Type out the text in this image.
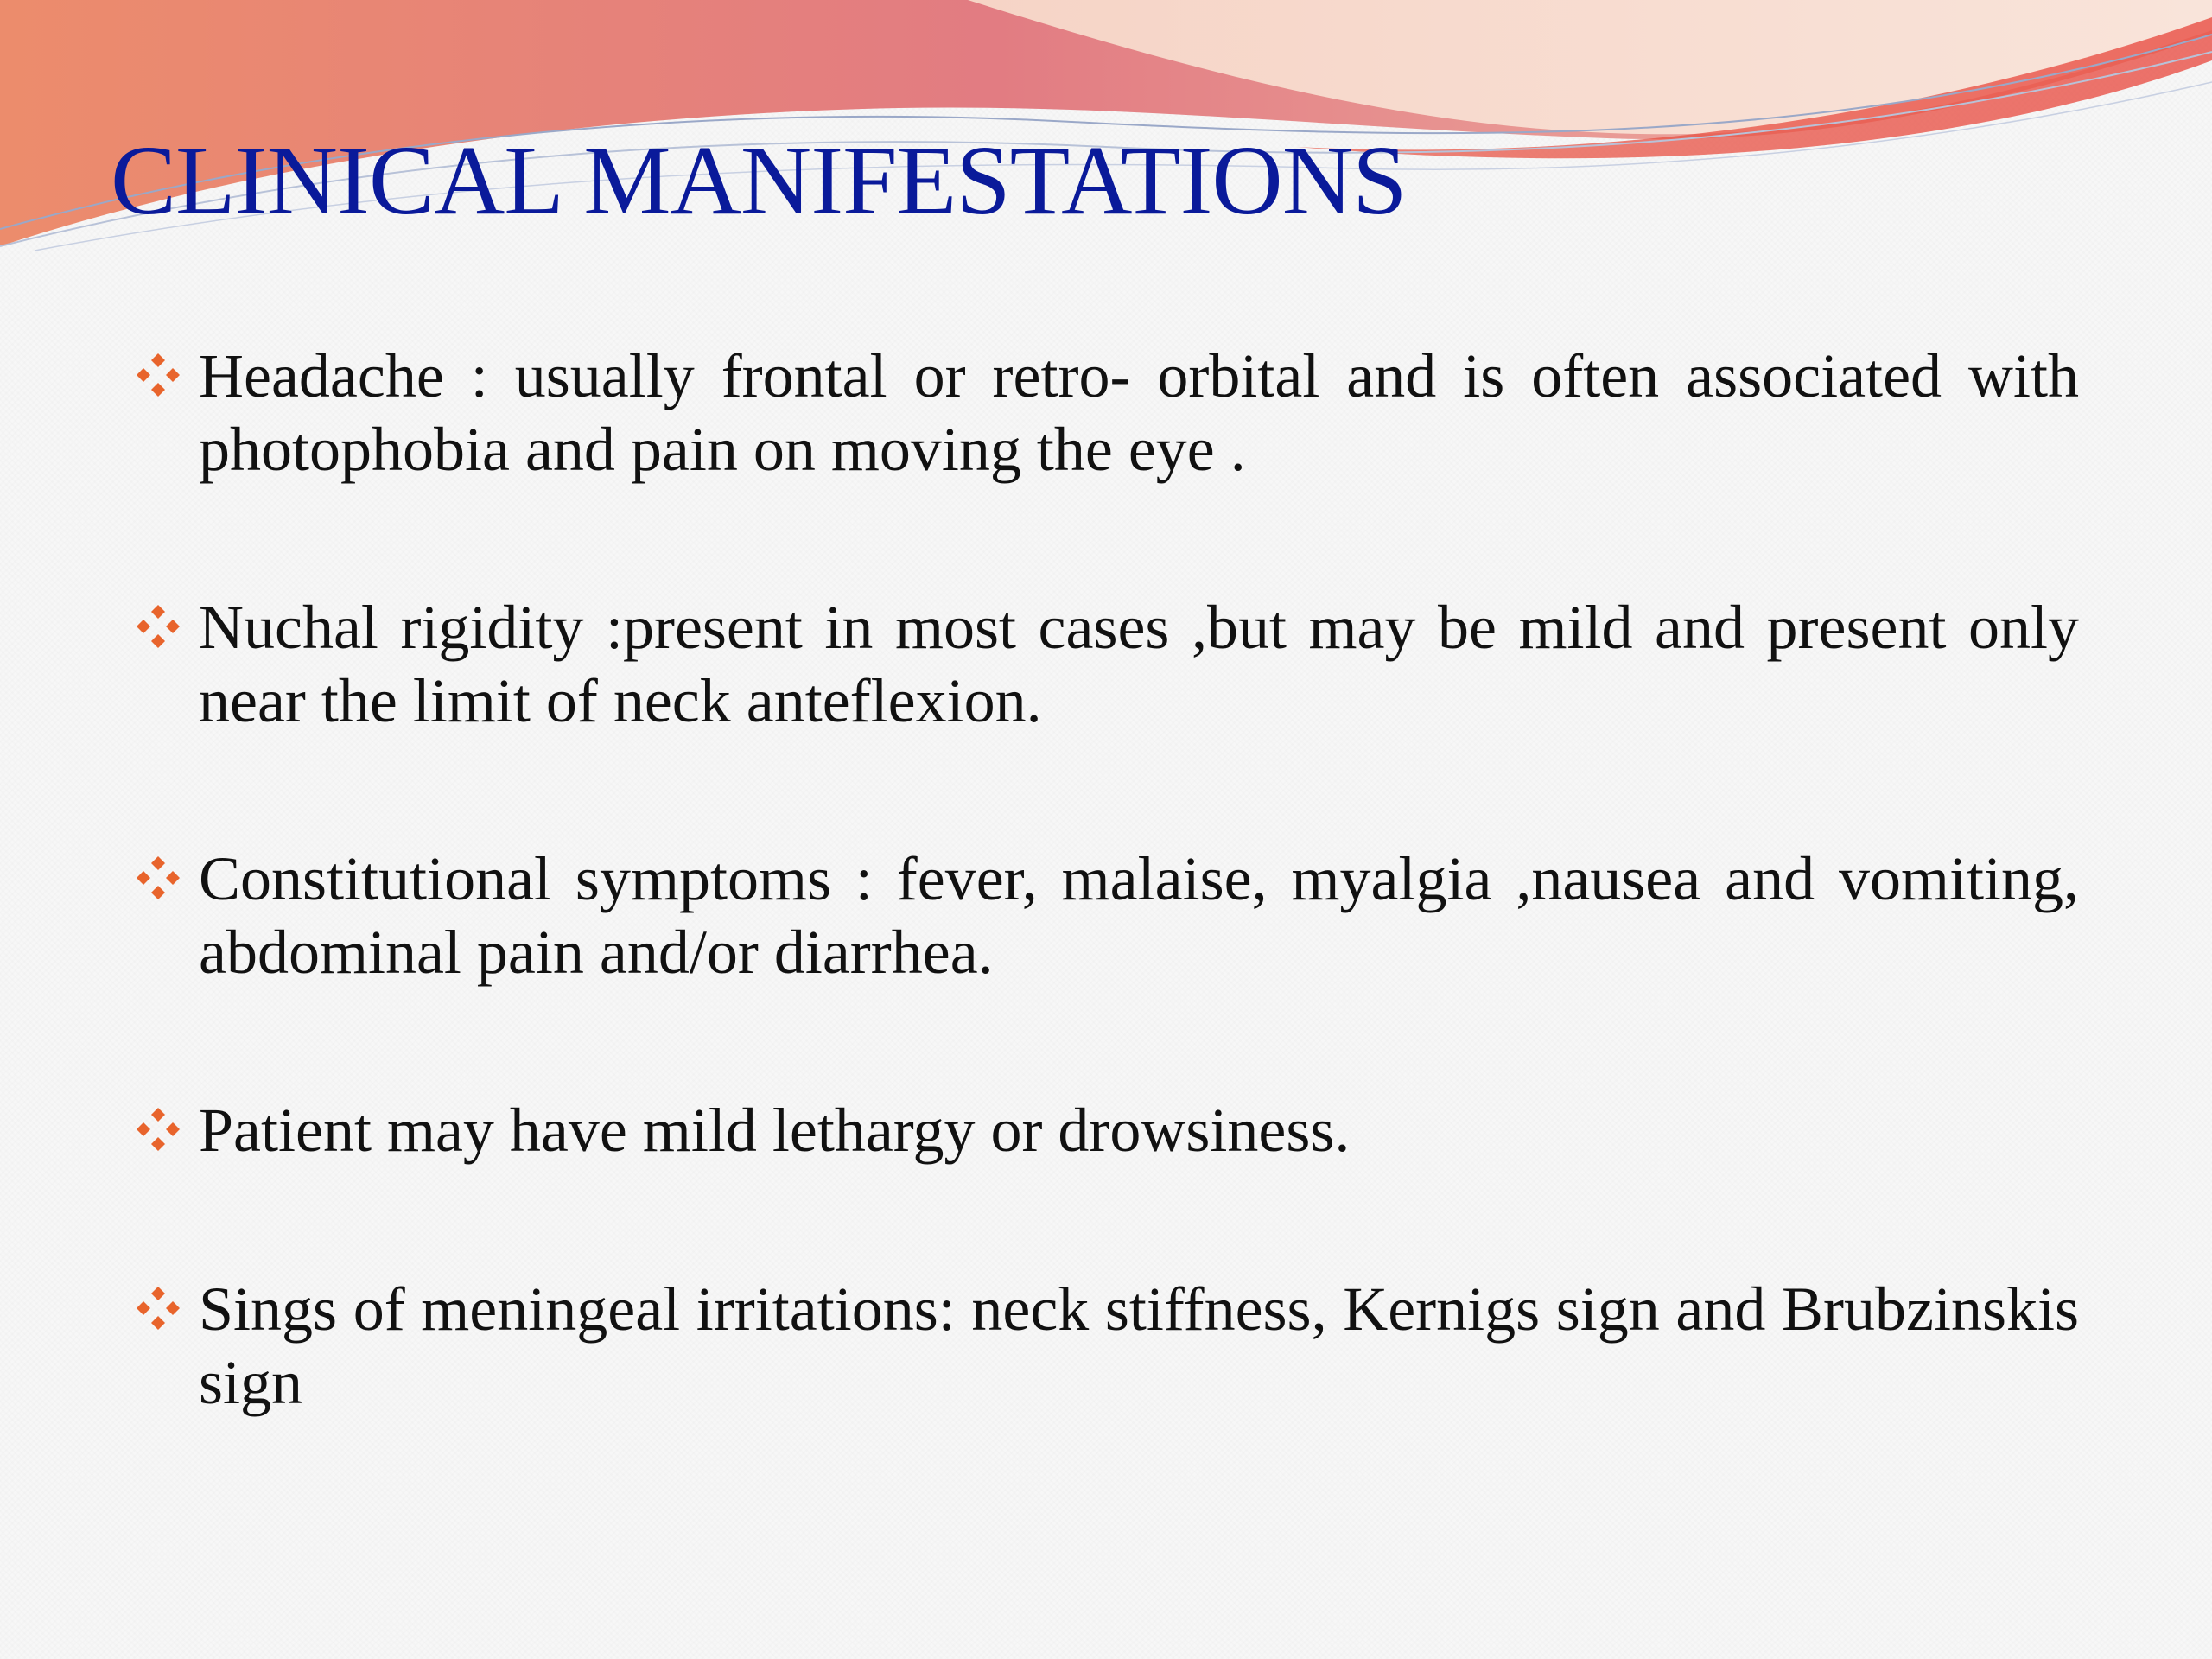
CLINICAL MANIFESTATIONS

Headache : usually frontal or retro- orbital and is often associated with photophobia and pain on moving the eye .

Nuchal rigidity :present in most cases ,but may be mild and present only near the limit of neck anteflexion.

Constitutional symptoms : fever, malaise, myalgia ,nausea and vomiting, abdominal pain and/or diarrhea.

Patient may have mild lethargy or drowsiness.

Sings of meningeal irritations: neck stiffness, Kernigs sign and Brubzinskis sign
